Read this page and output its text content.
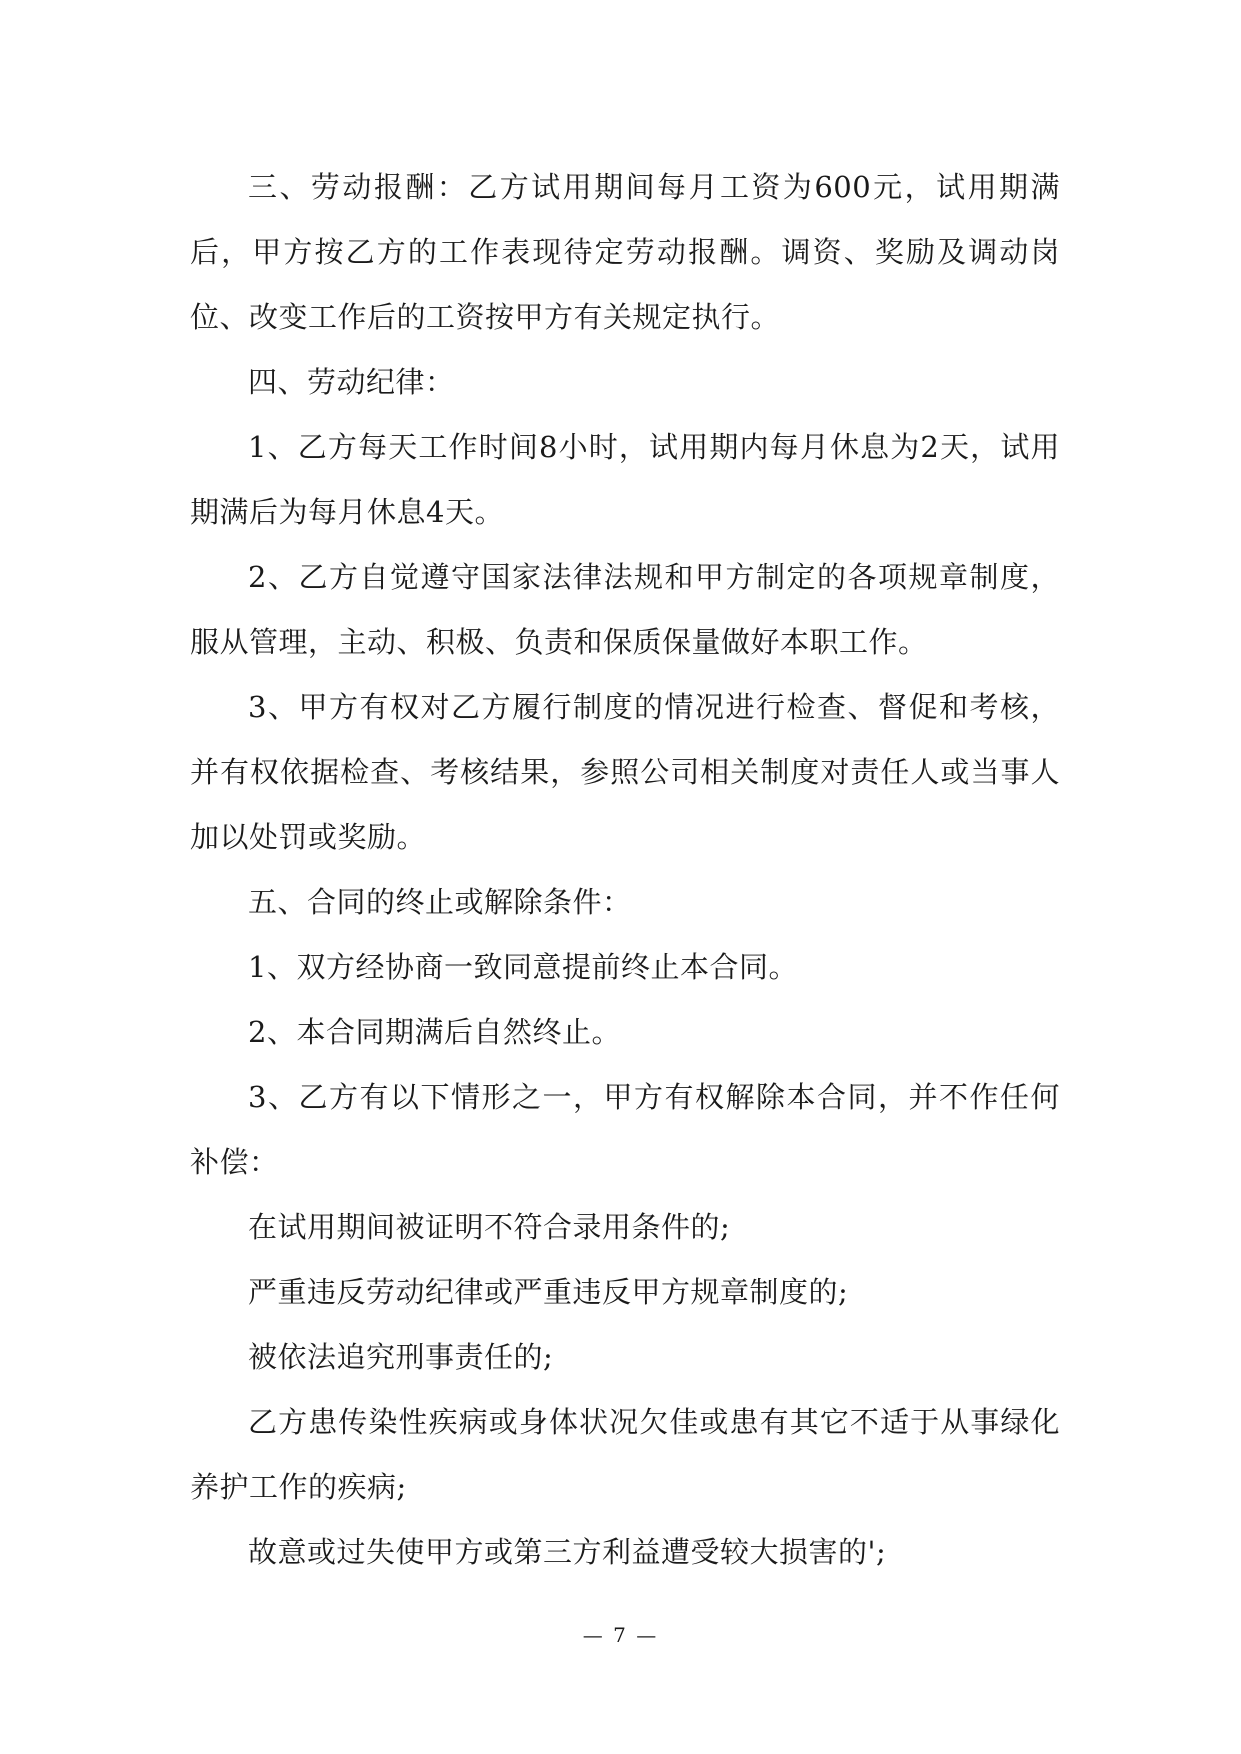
三、劳动报酬：乙方试用期间每月工资为600元，试用期满后，甲方按乙方的工作表现待定劳动报酬。调资、奖励及调动岗位、改变工作后的工资按甲方有关规定执行。

四、劳动纪律：

1、乙方每天工作时间8小时，试用期内每月休息为2天，试用期满后为每月休息4天。

2、乙方自觉遵守国家法律法规和甲方制定的各项规章制度，服从管理，主动、积极、负责和保质保量做好本职工作。

3、甲方有权对乙方履行制度的情况进行检查、督促和考核，并有权依据检查、考核结果，参照公司相关制度对责任人或当事人加以处罚或奖励。

五、合同的终止或解除条件：

1、双方经协商一致同意提前终止本合同。

2、本合同期满后自然终止。

3、乙方有以下情形之一，甲方有权解除本合同，并不作任何补偿：

在试用期间被证明不符合录用条件的;

严重违反劳动纪律或严重违反甲方规章制度的;

被依法追究刑事责任的;

乙方患传染性疾病或身体状况欠佳或患有其它不适于从事绿化养护工作的疾病;

故意或过失使甲方或第三方利益遭受较大损害的';

— 7 —
